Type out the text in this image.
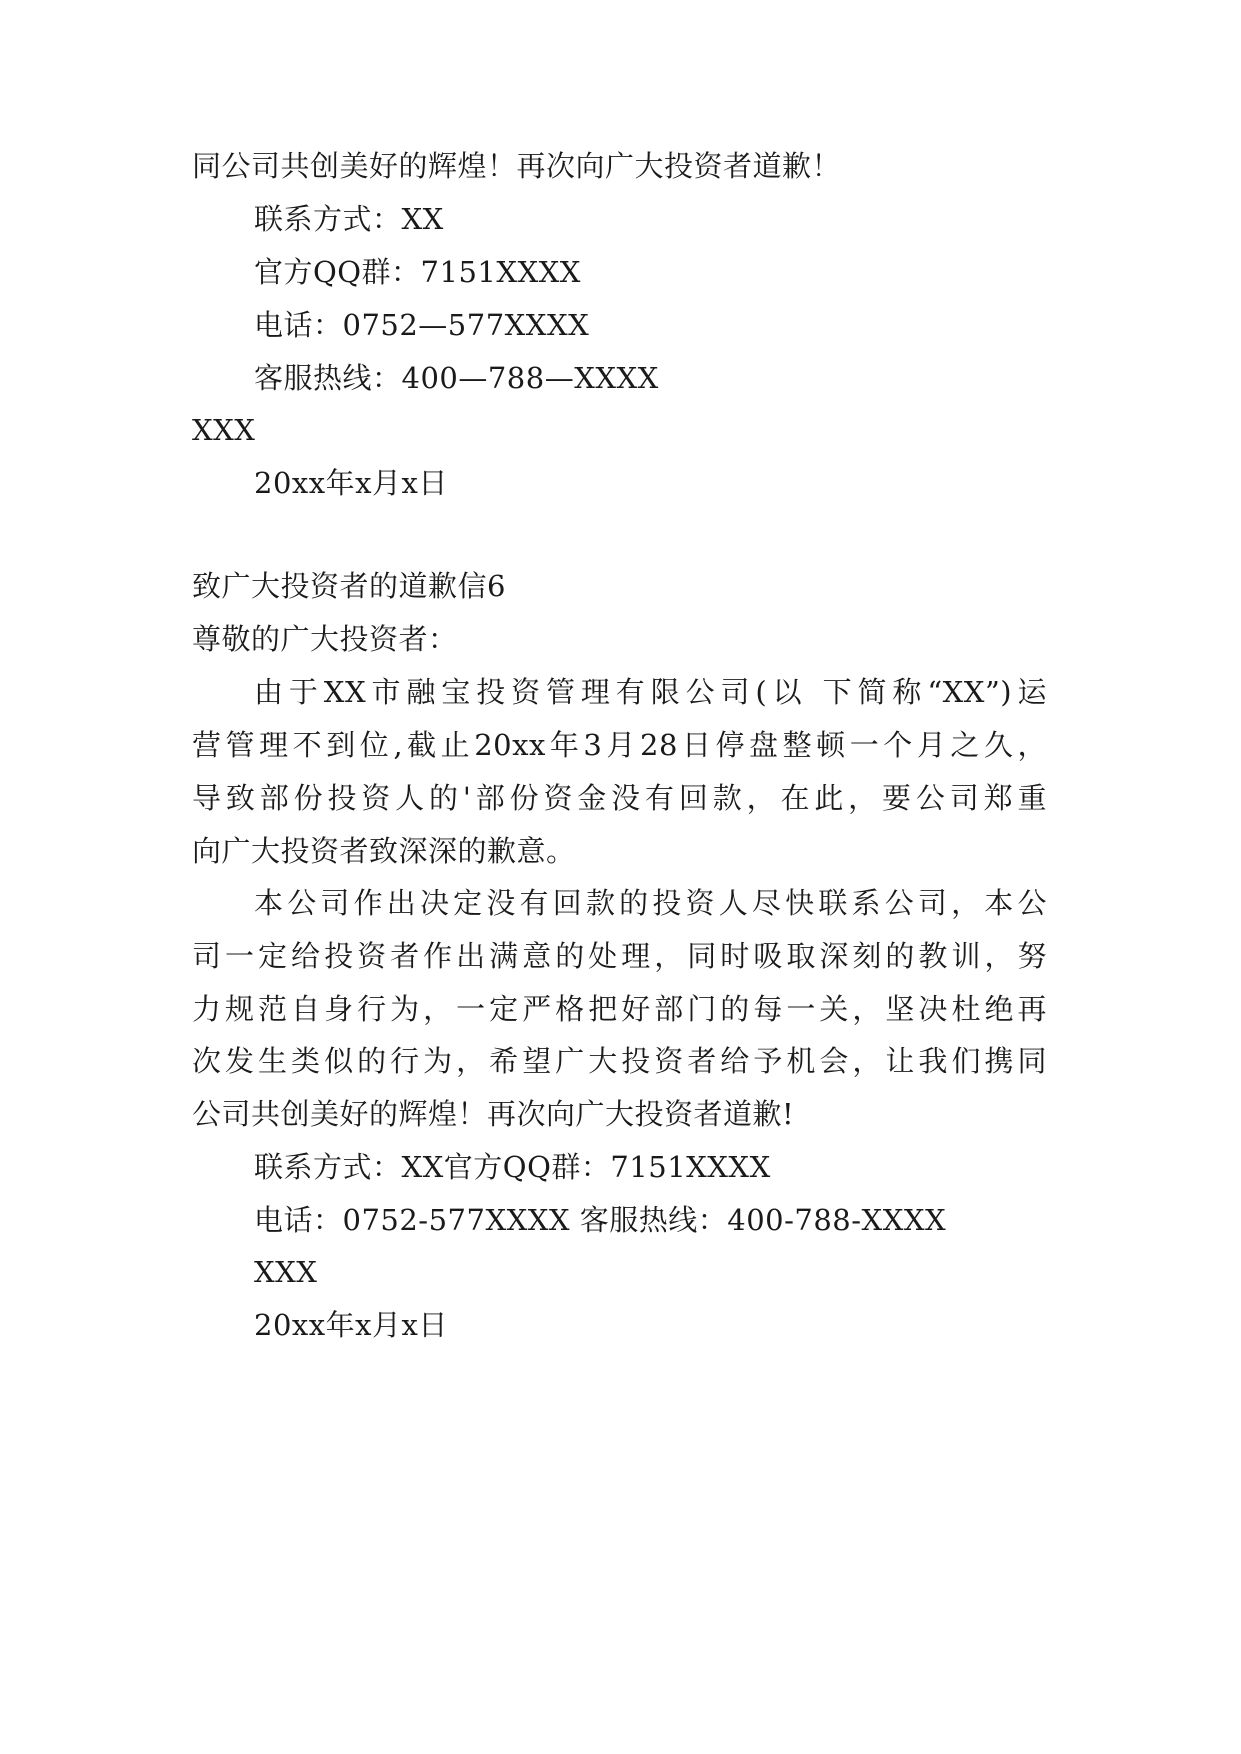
同公司共创美好的辉煌！再次向广大投资者道歉！
联系方式：XX
官方QQ群：7151XXXX
电话：0752—577XXXX
客服热线：400—788—XXXX
XXX
20xx年x月x日
致广大投资者的道歉信6
尊敬的广大投资者：
由于XX市融宝投资管理有限公司(以 下简称“XX”)运
营管理不到位,截止20xx年3月28日停盘整顿一个月之久，
导致部份投资人的'部份资金没有回款，在此，要公司郑重
向广大投资者致深深的歉意。
本公司作出决定没有回款的投资人尽快联系公司，本公
司一定给投资者作出满意的处理，同时吸取深刻的教训，努
力规范自身行为，一定严格把好部门的每一关，坚决杜绝再
次发生类似的行为，希望广大投资者给予机会，让我们携同
公司共创美好的辉煌！再次向广大投资者道歉!
联系方式：XX官方QQ群：7151XXXX
电话：0752-577XXXX 客服热线：400-788-XXXX
XXX
20xx年x月x日
